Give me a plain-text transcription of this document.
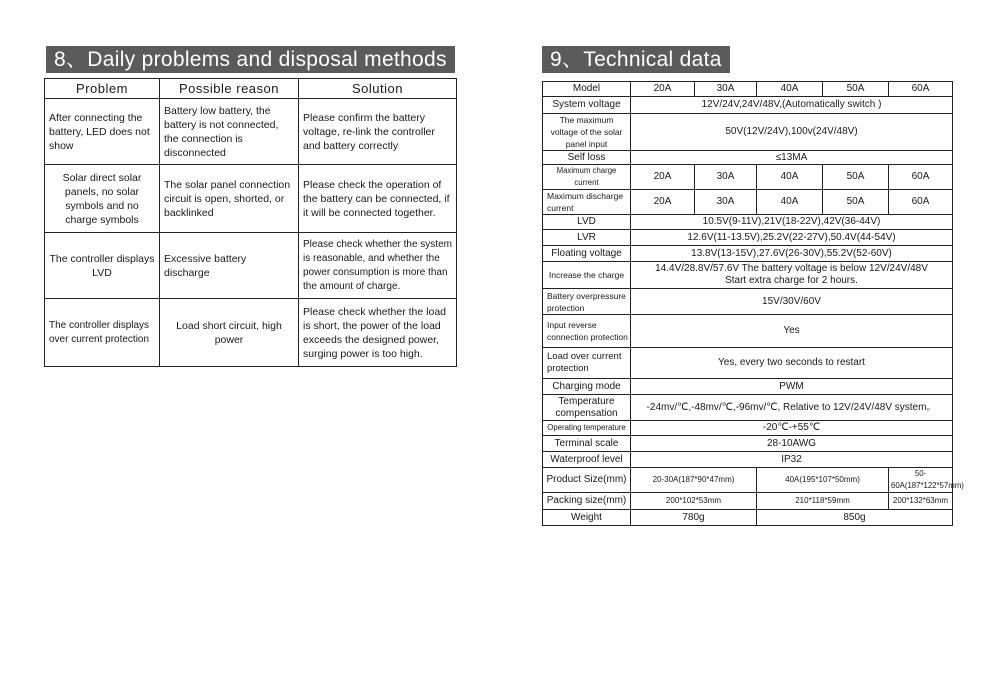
8、Daily problems and disposal methods
Problem	Possible reason	Solution
After connecting the battery, LED does not show	Battery low battery, the battery is not connected, the connection is disconnected	Please confirm the battery voltage, re-link the controller and battery correctly
Solar direct solar panels, no solar symbols and no charge symbols	The solar panel connection circuit is open, shorted, or backlinked	Please check the operation of the battery can be connected, if it will be connected together.
The controller displays LVD	Excessive battery discharge	Please check whether the system is reasonable, and whether the power consumption is more than the amount of charge.
The controller displays over current protection	Load short circuit, high power	Please check whether the load is short, the power of the load exceeds the designed power, surging power is too high.
9、Technical data
Model	20A	30A	40A	50A	60A
System voltage	12V/24V,24V/48V,(Automatically switch )				
The maximum voltage of the solar panel input	50V(12V/24V),100v(24V/48V)				
Self loss	≤13MA				
Maximum charge current	20A	30A	40A	50A	60A
Maximum discharge current	20A	30A	40A	50A	60A
LVD	10.5V(9-11V),21V(18-22V),42V(36-44V)				
LVR	12.6V(11-13.5V),25.2V(22-27V),50.4V(44-54V)				
Floating voltage	13.8V(13-15V),27.6V(26-30V),55.2V(52-60V)				
Increase the charge	14.4V/28.8V/57.6V The battery voltage is below 12V/24V/48V
Start extra charge for 2 hours.				

Battery overpressure protection	15V/30V/60V				
Input reverse connection protection	Yes				
Load over current protection	Yes, every two seconds to restart				
Charging mode	PWM				
Temperature compensation	-24mv/℃,-48mv/℃,-96mv/℃, Relative to 12V/24V/48V system。				
Operating temperature	-20℃-+55℃				
Terminal scale	28-10AWG				
Waterproof level	IP32				
Product Size(mm)	20-30A(187*90*47mm)		40A(195*107*50mm)		50-60A(187*122*57mm)
Packing size(mm)	200*102*53mm		210*118*59mm		200*132*63mm
Weight	780g		850g		
